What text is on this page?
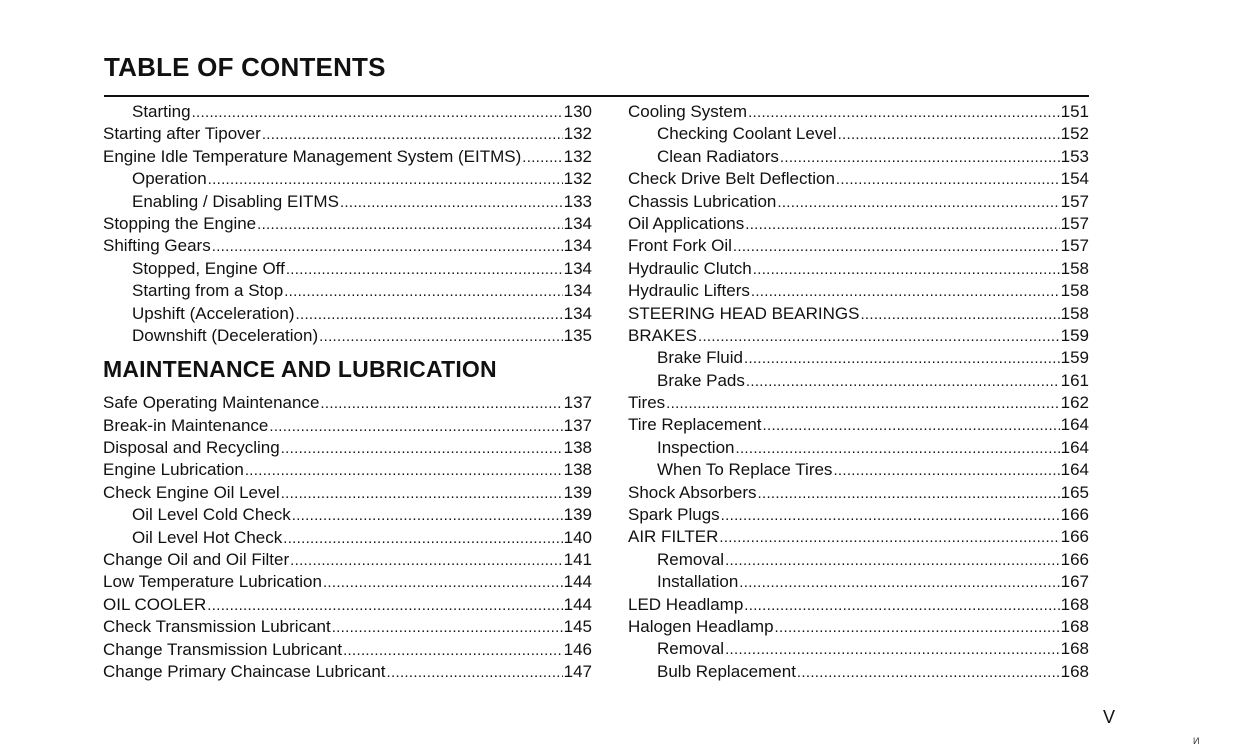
TABLE OF CONTENTS
Starting .....	130
Starting after Tipover .....	132
Engine Idle Temperature Management System (EITMS) ..... 132
Operation .....	132
Enabling / Disabling EITMS .....	133
Stopping the Engine .....	134
Shifting Gears .....	134
Stopped, Engine Off .....	134
Starting from a Stop .....	134
Upshift (Acceleration) .....	134
Downshift (Deceleration) .....	135
MAINTENANCE AND LUBRICATION
Safe Operating Maintenance .....	137
Break-in Maintenance .....	137
Disposal and Recycling .....	138
Engine Lubrication .....	138
Check Engine Oil Level .....	139
Oil Level Cold Check .....	139
Oil Level Hot Check .....	140
Change Oil and Oil Filter .....	141
Low Temperature Lubrication .....	144
OIL COOLER .....	144
Check Transmission Lubricant .....	145
Change Transmission Lubricant .....	146
Change Primary Chaincase Lubricant .....	147
Cooling System .....	151
Checking Coolant Level .....	152
Clean Radiators .....	153
Check Drive Belt Deflection .....	154
Chassis Lubrication .....	157
Oil Applications .....	157
Front Fork Oil .....	157
Hydraulic Clutch .....	158
Hydraulic Lifters .....	158
STEERING HEAD BEARINGS .....	158
BRAKES .....	159
Brake Fluid .....	159
Brake Pads .....	161
Tires .....	162
Tire Replacement .....	164
Inspection .....	164
When To Replace Tires .....	164
Shock Absorbers .....	165
Spark Plugs .....	166
AIR FILTER .....	166
Removal .....	166
Installation .....	167
LED Headlamp .....	168
Halogen Headlamp .....	168
Removal .....	168
Bulb Replacement .....	168
V
И
